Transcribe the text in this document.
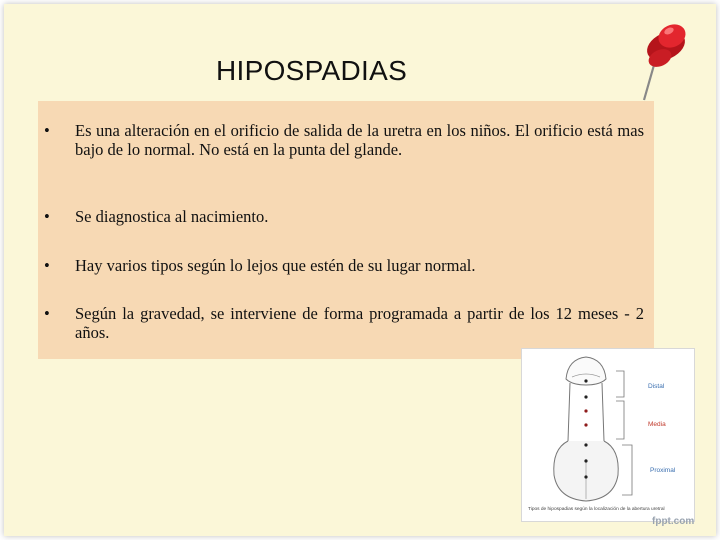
HIPOSPADIAS
•	Es una alteración en el orificio de salida de la uretra en los niños. El orificio está mas bajo de lo normal. No está en la punta del glande.
•	Se diagnostica al nacimiento.
•	Hay varios tipos según lo lejos que estén de su lugar normal.
•	Según la gravedad, se interviene de forma programada a partir de los 12 meses - 2 años.
Distal
Media
Proximal
Tipos de hipospadias según la localización de la abertura uretral
fppt.com
